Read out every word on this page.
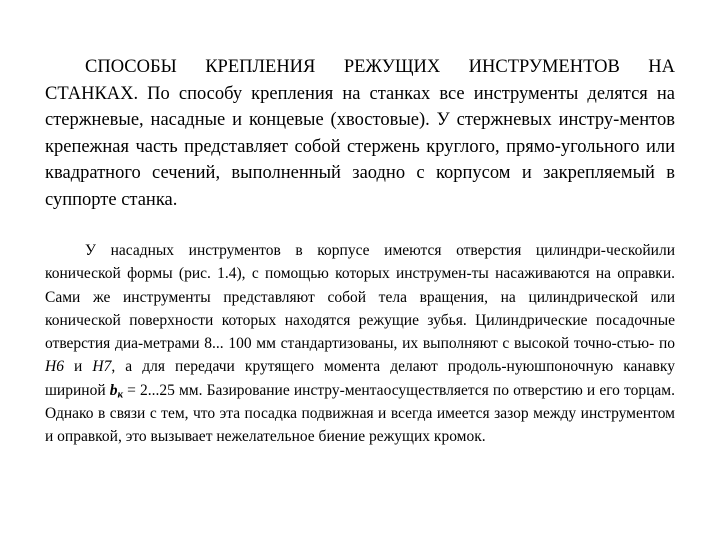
СПОСОБЫ КРЕПЛЕНИЯ РЕЖУЩИХ ИНСТРУМЕНТОВ НА СТАНКАХ. По способу крепления на станках все инструменты делятся на стержневые, насадные и концевые (хвостовые). У стержневых инстру-ментов крепежная часть представляет собой стержень круглого, прямо-угольного или квадратного сечений, выполненный заодно с корпусом и закрепляемый в суппорте станка.

У насадных инструментов в корпусе имеются отверстия цилиндри-ческойили конической формы (рис. 1.4), с помощью которых инструмен-ты насаживаются на оправки. Сами же инструменты представляют собой тела вращения, на цилиндрической или конической поверхности которых находятся режущие зубья. Цилиндрические посадочные отверстия диа-метрами 8... 100 мм стандартизованы, их выполняют с высокой точно-стью- по H6 и H7, а для передачи крутящего момента делают продоль-нуюшпоночную канавку шириной $b_к = 2...25$ мм. Базирование инстру-ментаосуществляется по отверстию и его торцам. Однако в связи с тем, что эта посадка подвижная и всегда имеется зазор между инструментом и оправкой, это вызывает нежелательное биение режущих кромок.
